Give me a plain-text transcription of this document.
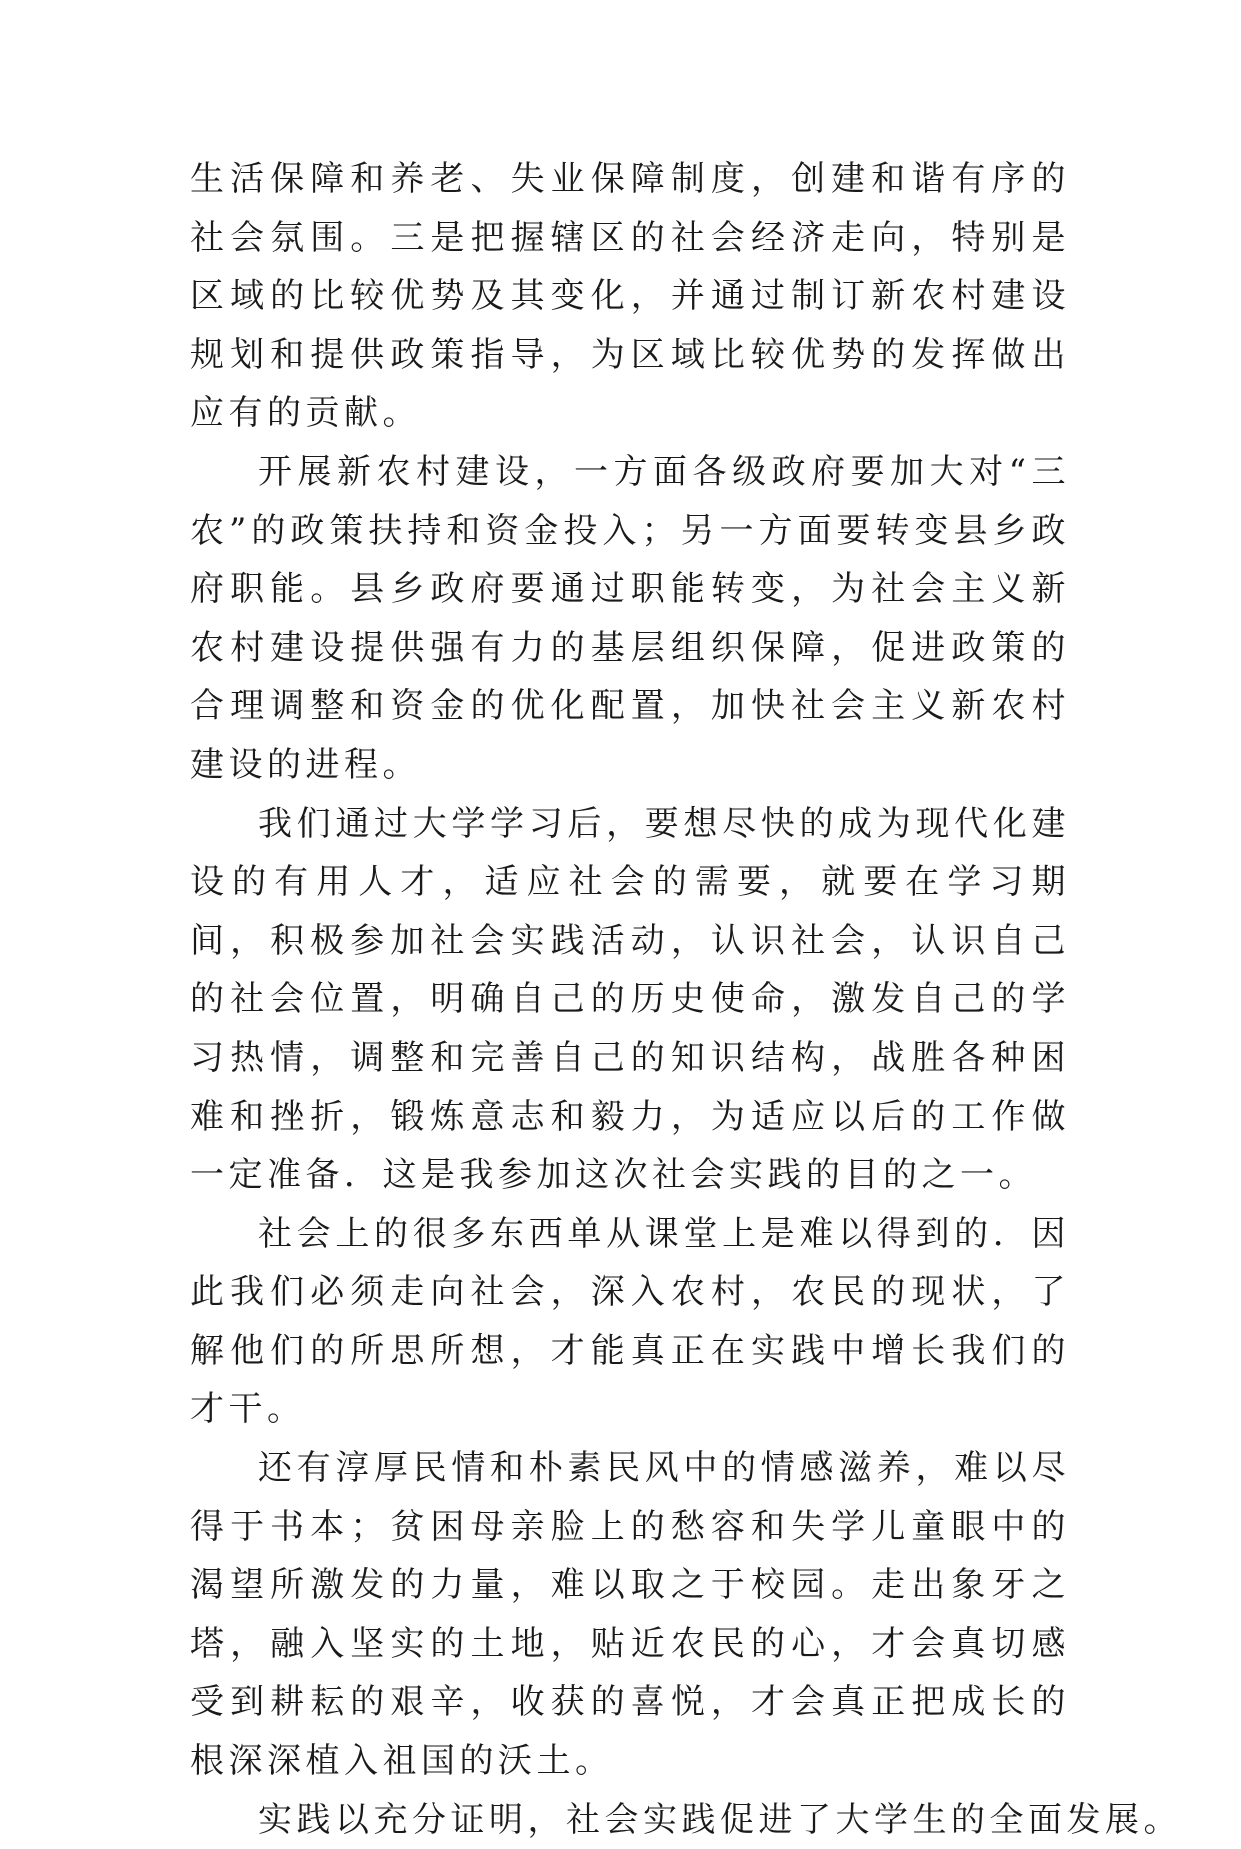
生活保障和养老、失业保障制度，创建和谐有序的社会氛围。三是把握辖区的社会经济走向，特别是区域的比较优势及其变化，并通过制订新农村建设规划和提供政策指导，为区域比较优势的发挥做出应有的贡献。

开展新农村建设，一方面各级政府要加大对“三农”的政策扶持和资金投入；另一方面要转变县乡政府职能。县乡政府要通过职能转变，为社会主义新农村建设提供强有力的基层组织保障，促进政策的合理调整和资金的优化配置，加快社会主义新农村建设的进程。

我们通过大学学习后，要想尽快的成为现代化建设的有用人才，适应社会的需要，就要在学习期间，积极参加社会实践活动，认识社会，认识自己的社会位置，明确自己的历史使命，激发自己的学习热情，调整和完善自己的知识结构，战胜各种困难和挫折，锻炼意志和毅力，为适应以后的工作做一定准备．这是我参加这次社会实践的目的之一。

社会上的很多东西单从课堂上是难以得到的．因此我们必须走向社会，深入农村，农民的现状，了解他们的所思所想，才能真正在实践中增长我们的才干。

还有淳厚民情和朴素民风中的情感滋养，难以尽得于书本；贫困母亲脸上的愁容和失学儿童眼中的渴望所激发的力量，难以取之于校园。走出象牙之塔，融入坚实的土地，贴近农民的心，才会真切感受到耕耘的艰辛，收获的喜悦，才会真正把成长的根深深植入祖国的沃土。

实践以充分证明，社会实践促进了大学生的全面发展。
